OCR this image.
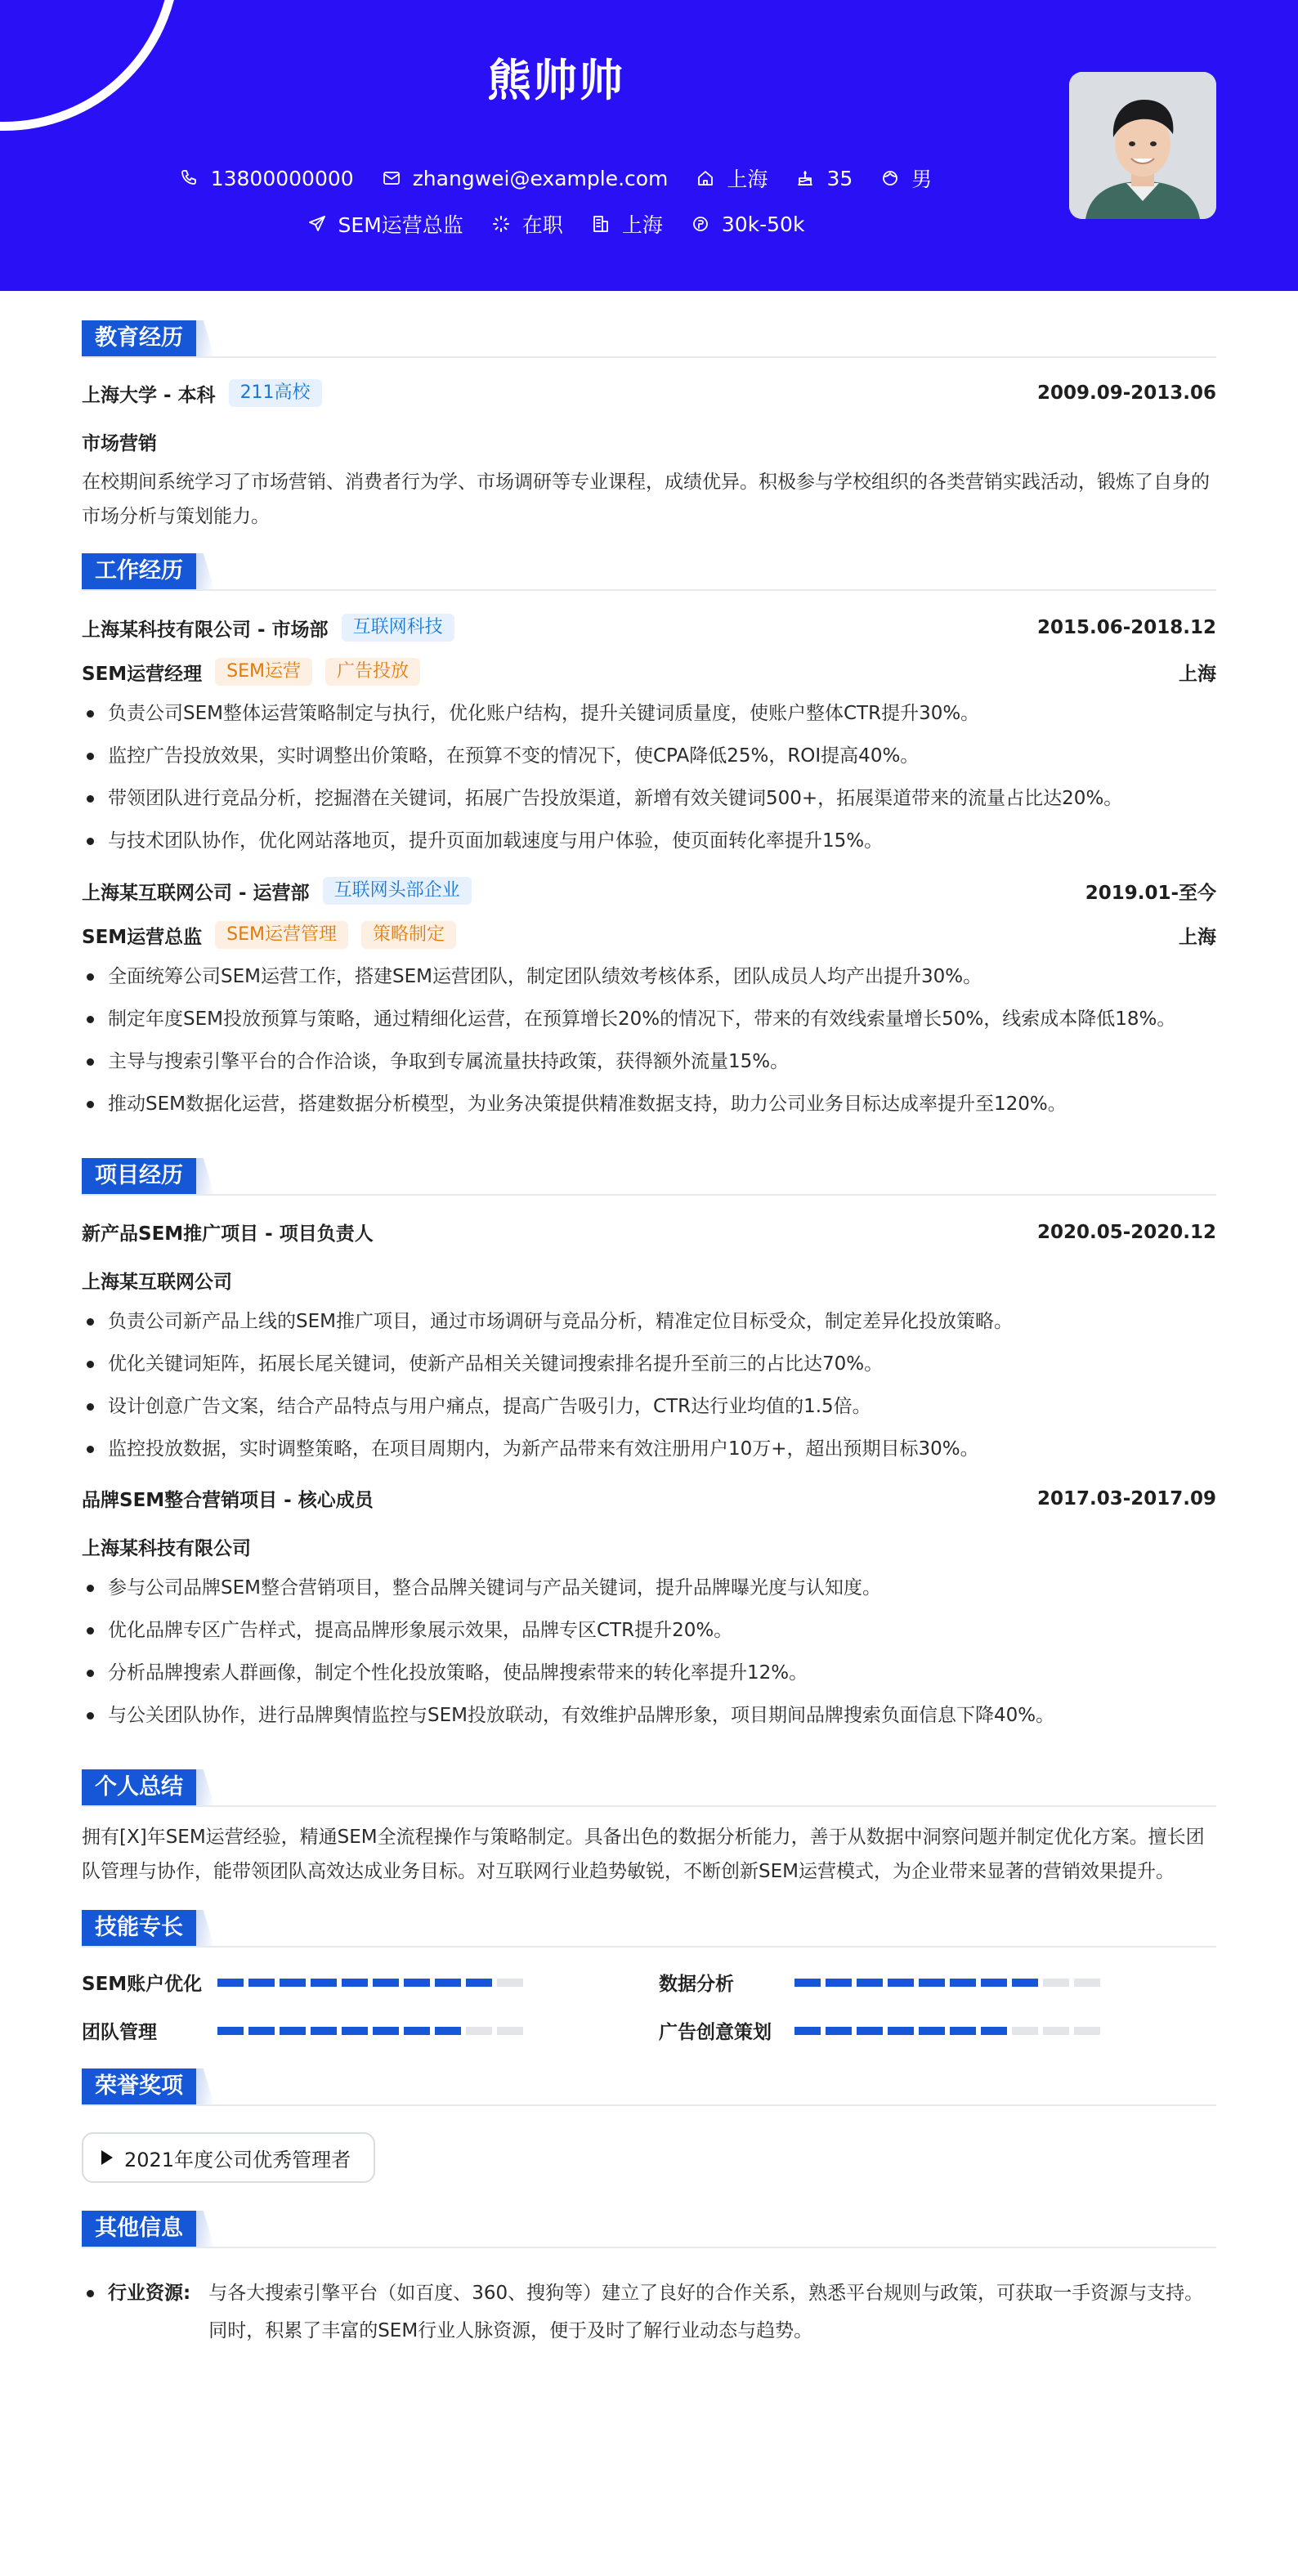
熊帅帅
13800000000	zhangwei@example.com	上海	35	男
SEM运营总监	在职	上海	30k-50k
教育经历
上海大学 - 本科	211高校	2009.09-2013.06
市场营销
在校期间系统学习了市场营销、消费者行为学、市场调研等专业课程，成绩优异。积极参与学校组织的各类营销实践活动，锻炼了自身的市场分析与策划能力。
工作经历
上海某科技有限公司 - 市场部	互联网科技	2015.06-2018.12
SEM运营经理	SEM运营	广告投放	上海
负责公司SEM整体运营策略制定与执行，优化账户结构，提升关键词质量度，使账户整体CTR提升30%。
监控广告投放效果，实时调整出价策略，在预算不变的情况下，使CPA降低25%，ROI提高40%。
带领团队进行竞品分析，挖掘潜在关键词，拓展广告投放渠道，新增有效关键词500+，拓展渠道带来的流量占比达20%。
与技术团队协作，优化网站落地页，提升页面加载速度与用户体验，使页面转化率提升15%。
上海某互联网公司 - 运营部	互联网头部企业	2019.01-至今
SEM运营总监	SEM运营管理	策略制定	上海
全面统筹公司SEM运营工作，搭建SEM运营团队，制定团队绩效考核体系，团队成员人均产出提升30%。
制定年度SEM投放预算与策略，通过精细化运营，在预算增长20%的情况下，带来的有效线索量增长50%，线索成本降低18%。
主导与搜索引擎平台的合作洽谈，争取到专属流量扶持政策，获得额外流量15%。
推动SEM数据化运营，搭建数据分析模型，为业务决策提供精准数据支持，助力公司业务目标达成率提升至120%。
项目经历
新产品SEM推广项目 - 项目负责人	2020.05-2020.12
上海某互联网公司
负责公司新产品上线的SEM推广项目，通过市场调研与竞品分析，精准定位目标受众，制定差异化投放策略。
优化关键词矩阵，拓展长尾关键词，使新产品相关关键词搜索排名提升至前三的占比达70%。
设计创意广告文案，结合产品特点与用户痛点，提高广告吸引力，CTR达行业均值的1.5倍。
监控投放数据，实时调整策略，在项目周期内，为新产品带来有效注册用户10万+，超出预期目标30%。
品牌SEM整合营销项目 - 核心成员	2017.03-2017.09
上海某科技有限公司
参与公司品牌SEM整合营销项目，整合品牌关键词与产品关键词，提升品牌曝光度与认知度。
优化品牌专区广告样式，提高品牌形象展示效果，品牌专区CTR提升20%。
分析品牌搜索人群画像，制定个性化投放策略，使品牌搜索带来的转化率提升12%。
与公关团队协作，进行品牌舆情监控与SEM投放联动，有效维护品牌形象，项目期间品牌搜索负面信息下降40%。
个人总结
拥有[X]年SEM运营经验，精通SEM全流程操作与策略制定。具备出色的数据分析能力，善于从数据中洞察问题并制定优化方案。擅长团队管理与协作，能带领团队高效达成业务目标。对互联网行业趋势敏锐，不断创新SEM运营模式，为企业带来显著的营销效果提升。
技能专长
SEM账户优化	数据分析
团队管理	广告创意策划
荣誉奖项
2021年度公司优秀管理者
其他信息
行业资源: 与各大搜索引擎平台（如百度、360、搜狗等）建立了良好的合作关系，熟悉平台规则与政策，可获取一手资源与支持。同时，积累了丰富的SEM行业人脉资源，便于及时了解行业动态与趋势。
